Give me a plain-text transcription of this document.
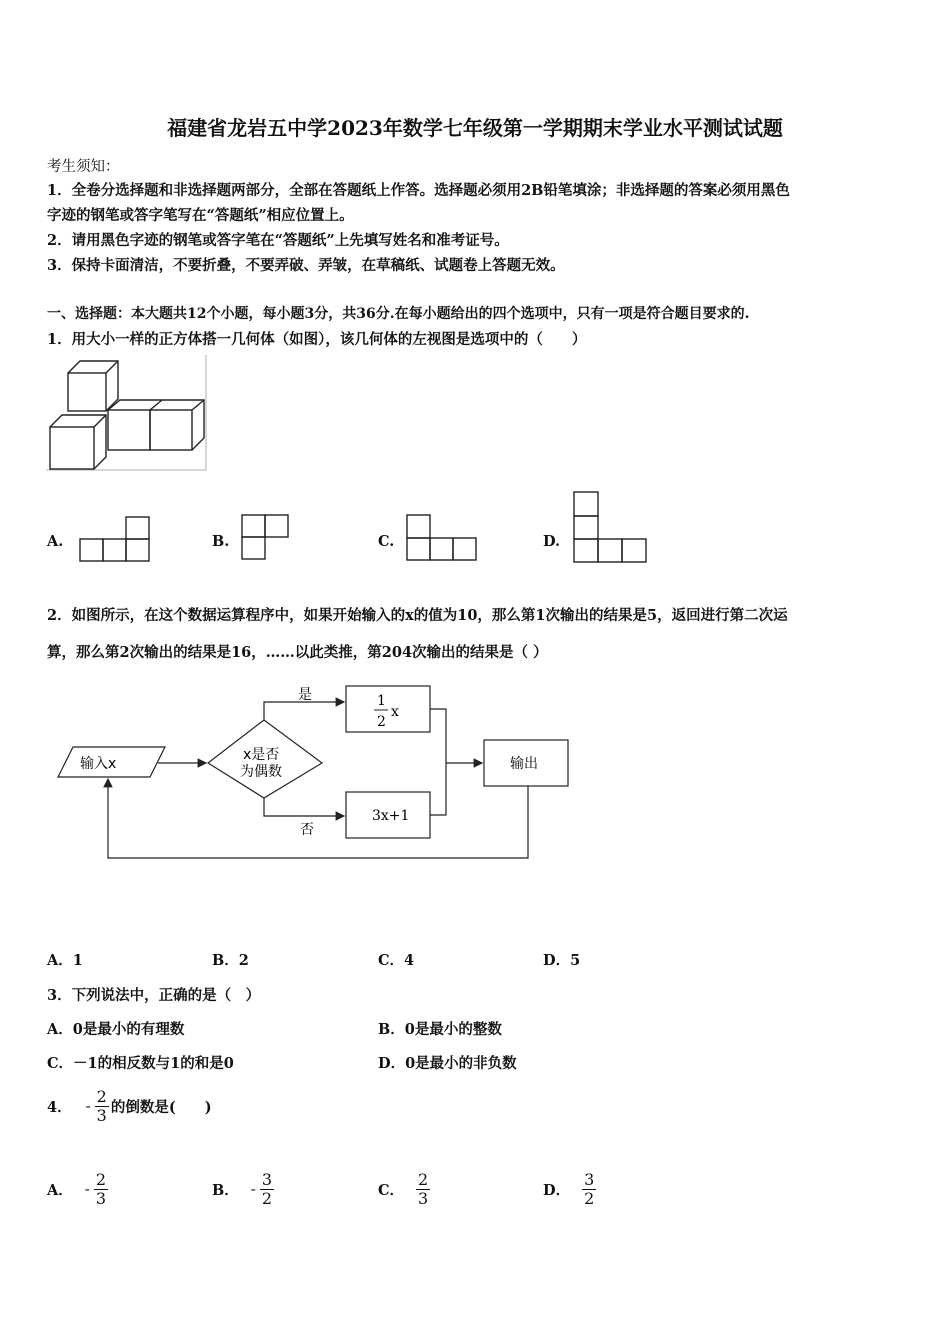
福建省龙岩五中学2023年数学七年级第一学期期末学业水平测试试题
考生须知：
1．全卷分选择题和非选择题两部分，全部在答题纸上作答。选择题必须用2B铅笔填涂；非选择题的答案必须用黑色
字迹的钢笔或答字笔写在“答题纸”相应位置上。
2．请用黑色字迹的钢笔或答字笔在“答题纸”上先填写姓名和准考证号。
3．保持卡面清洁，不要折叠，不要弄破、弄皱，在草稿纸、试题卷上答题无效。
一、选择题：本大题共12个小题，每小题3分，共36分.在每小题给出的四个选项中，只有一项是符合题目要求的.
1．用大小一样的正方体搭一几何体（如图），该几何体的左视图是选项中的（　　）
A.	B.	C.	D.
2．如图所示，在这个数据运算程序中，如果开始输入的x的值为10，那么第1次输出的结果是5，返回进行第二次运
算，那么第2次输出的结果是16，……以此类推，第204次输出的结果是（ ）
输入x
x是否
为偶数
是
否
1
2
x
3x+1
输出
A．1	B．2	C．4	D．5
3．下列说法中，正确的是（　）
A．0是最小的有理数	B．0是最小的整数
C．－1的相反数与1的和是0	D．0是最小的非负数
4． - $\frac{2}{3}$ 的倒数是(　　)
A． - $\frac{2}{3}$	B． - $\frac{3}{2}$	C． $\frac{2}{3}$	D． $\frac{3}{2}$
